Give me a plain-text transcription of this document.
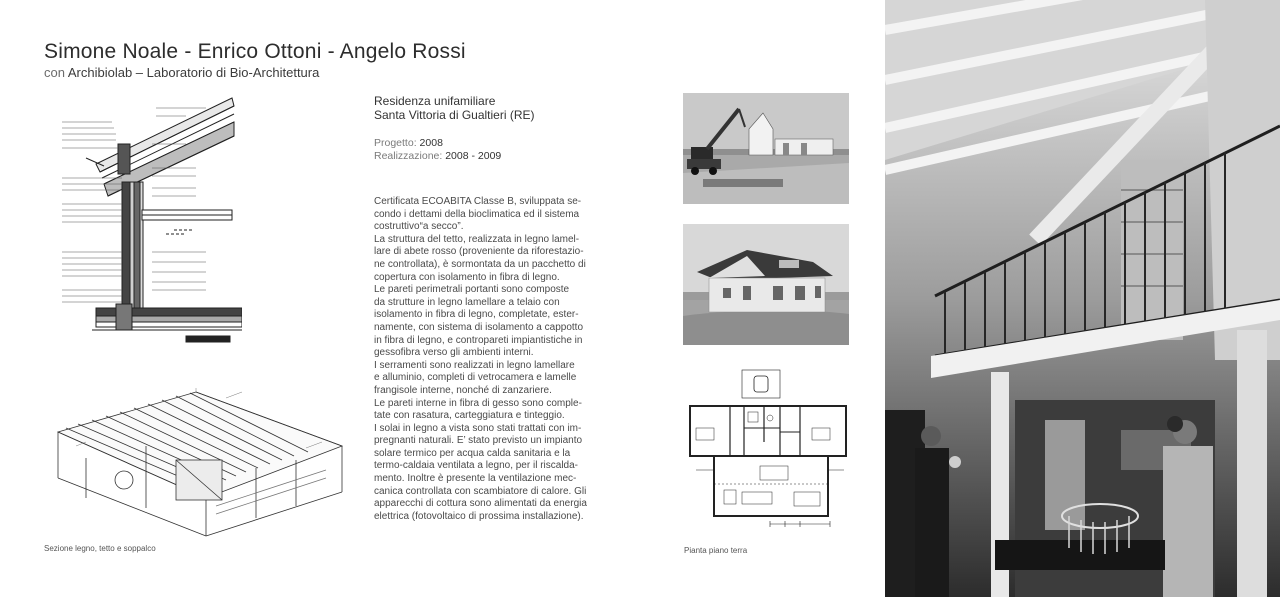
Simone Noale - Enrico Ottoni - Angelo Rossi
con Archibiolab – Laboratorio di Bio-Architettura
Sezione legno, tetto e soppalco
Residenza unifamiliare
Santa Vittoria di Gualtieri (RE)
Progetto: 2008
Realizzazione: 2008 - 2009

Certificata ECOABITA Classe B, sviluppata se-

condo i dettami della bioclimatica ed il sistema

costruttivo“a secco”.

La struttura del tetto, realizzata in legno lamel-

lare di abete rosso (proveniente da riforestazio-

ne controllata), è sormontata da un pacchetto di

copertura con isolamento in fibra di legno.

Le pareti perimetrali portanti sono composte

da strutture in legno lamellare a telaio con

isolamento in fibra di legno, completate, ester-

namente, con sistema di isolamento a cappotto

in fibra di legno, e contropareti impiantistiche in

gessofibra verso gli ambienti interni.

I serramenti sono realizzati in legno lamellare

e alluminio, completi di vetrocamera e lamelle

frangisole interne, nonché di zanzariere.

Le pareti interne in fibra di gesso sono comple-

tate con rasatura, carteggiatura e tinteggio.

I solai in legno a vista sono stati trattati con im-

pregnanti naturali. E’ stato previsto un impianto

solare termico per acqua calda sanitaria e la

termo-caldaia ventilata a legno, per il riscalda-

mento. Inoltre è presente la ventilazione mec-

canica controllata con scambiatore di calore. Gli

apparecchi di cottura sono alimentati da energia

elettrica (fotovoltaico di prossima installazione).

Pianta piano terra
